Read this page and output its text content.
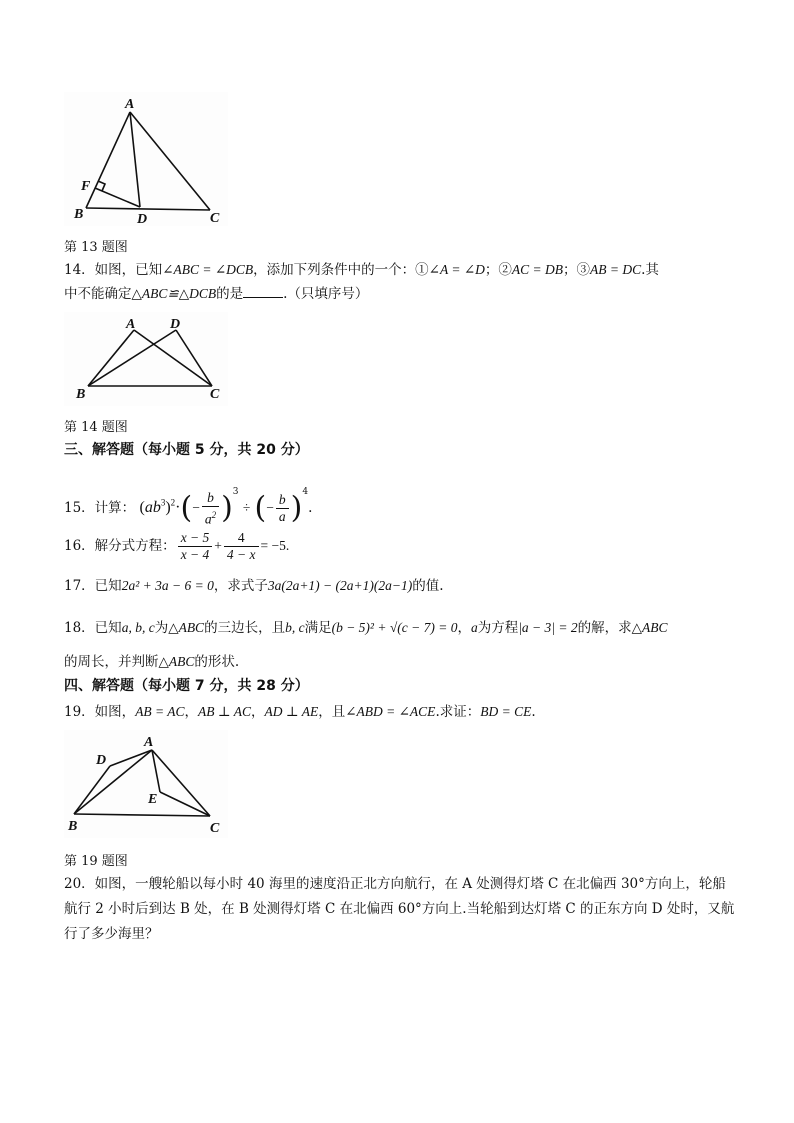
A
B	C
D
F
第 13 题图
14．如图，已知∠ABC = ∠DCB，添加下列条件中的一个：①∠A = ∠D；②AC = DB；③AB = DC.其
中不能确定△ABC≌△DCB的是	.（只填序号）
A D
B	C
第 14 题图
三、解答题（每小题 5 分，共 20 分）
15．计算： $(ab^3)^2\cdot(- \frac{b}{a^2} )^3$ ÷ (− $\frac{b}{a} )^4$.
16．解分式方程： $\frac{x - 5}{x - 4} + \frac{4}{4 - x} = -5$.
17．已知2a² + 3a − 6 = 0，求式子3a(2a+1) − (2a+1)(2a−1)的值.
18．已知a, b, c为△ABC的三边长，且b, c满足(b − 5)² + √(c − 7) = 0，a为方程|a − 3| = 2的解，求△ABC
的周长，并判断△ABC的形状.
四、解答题（每小题 7 分，共 28 分）
19．如图，AB = AC，AB ⊥ AC，AD ⊥ AE，且∠ABD = ∠ACE.求证：BD = CE.
A
D
E
B	C
第 19 题图
20．如图，一艘轮船以每小时 40 海里的速度沿正北方向航行，在 A 处测得灯塔 C 在北偏西 30°方向上，轮船
航行 2 小时后到达 B 处，在 B 处测得灯塔 C 在北偏西 60°方向上.当轮船到达灯塔 C 的正东方向 D 处时，又航
行了多少海里？
